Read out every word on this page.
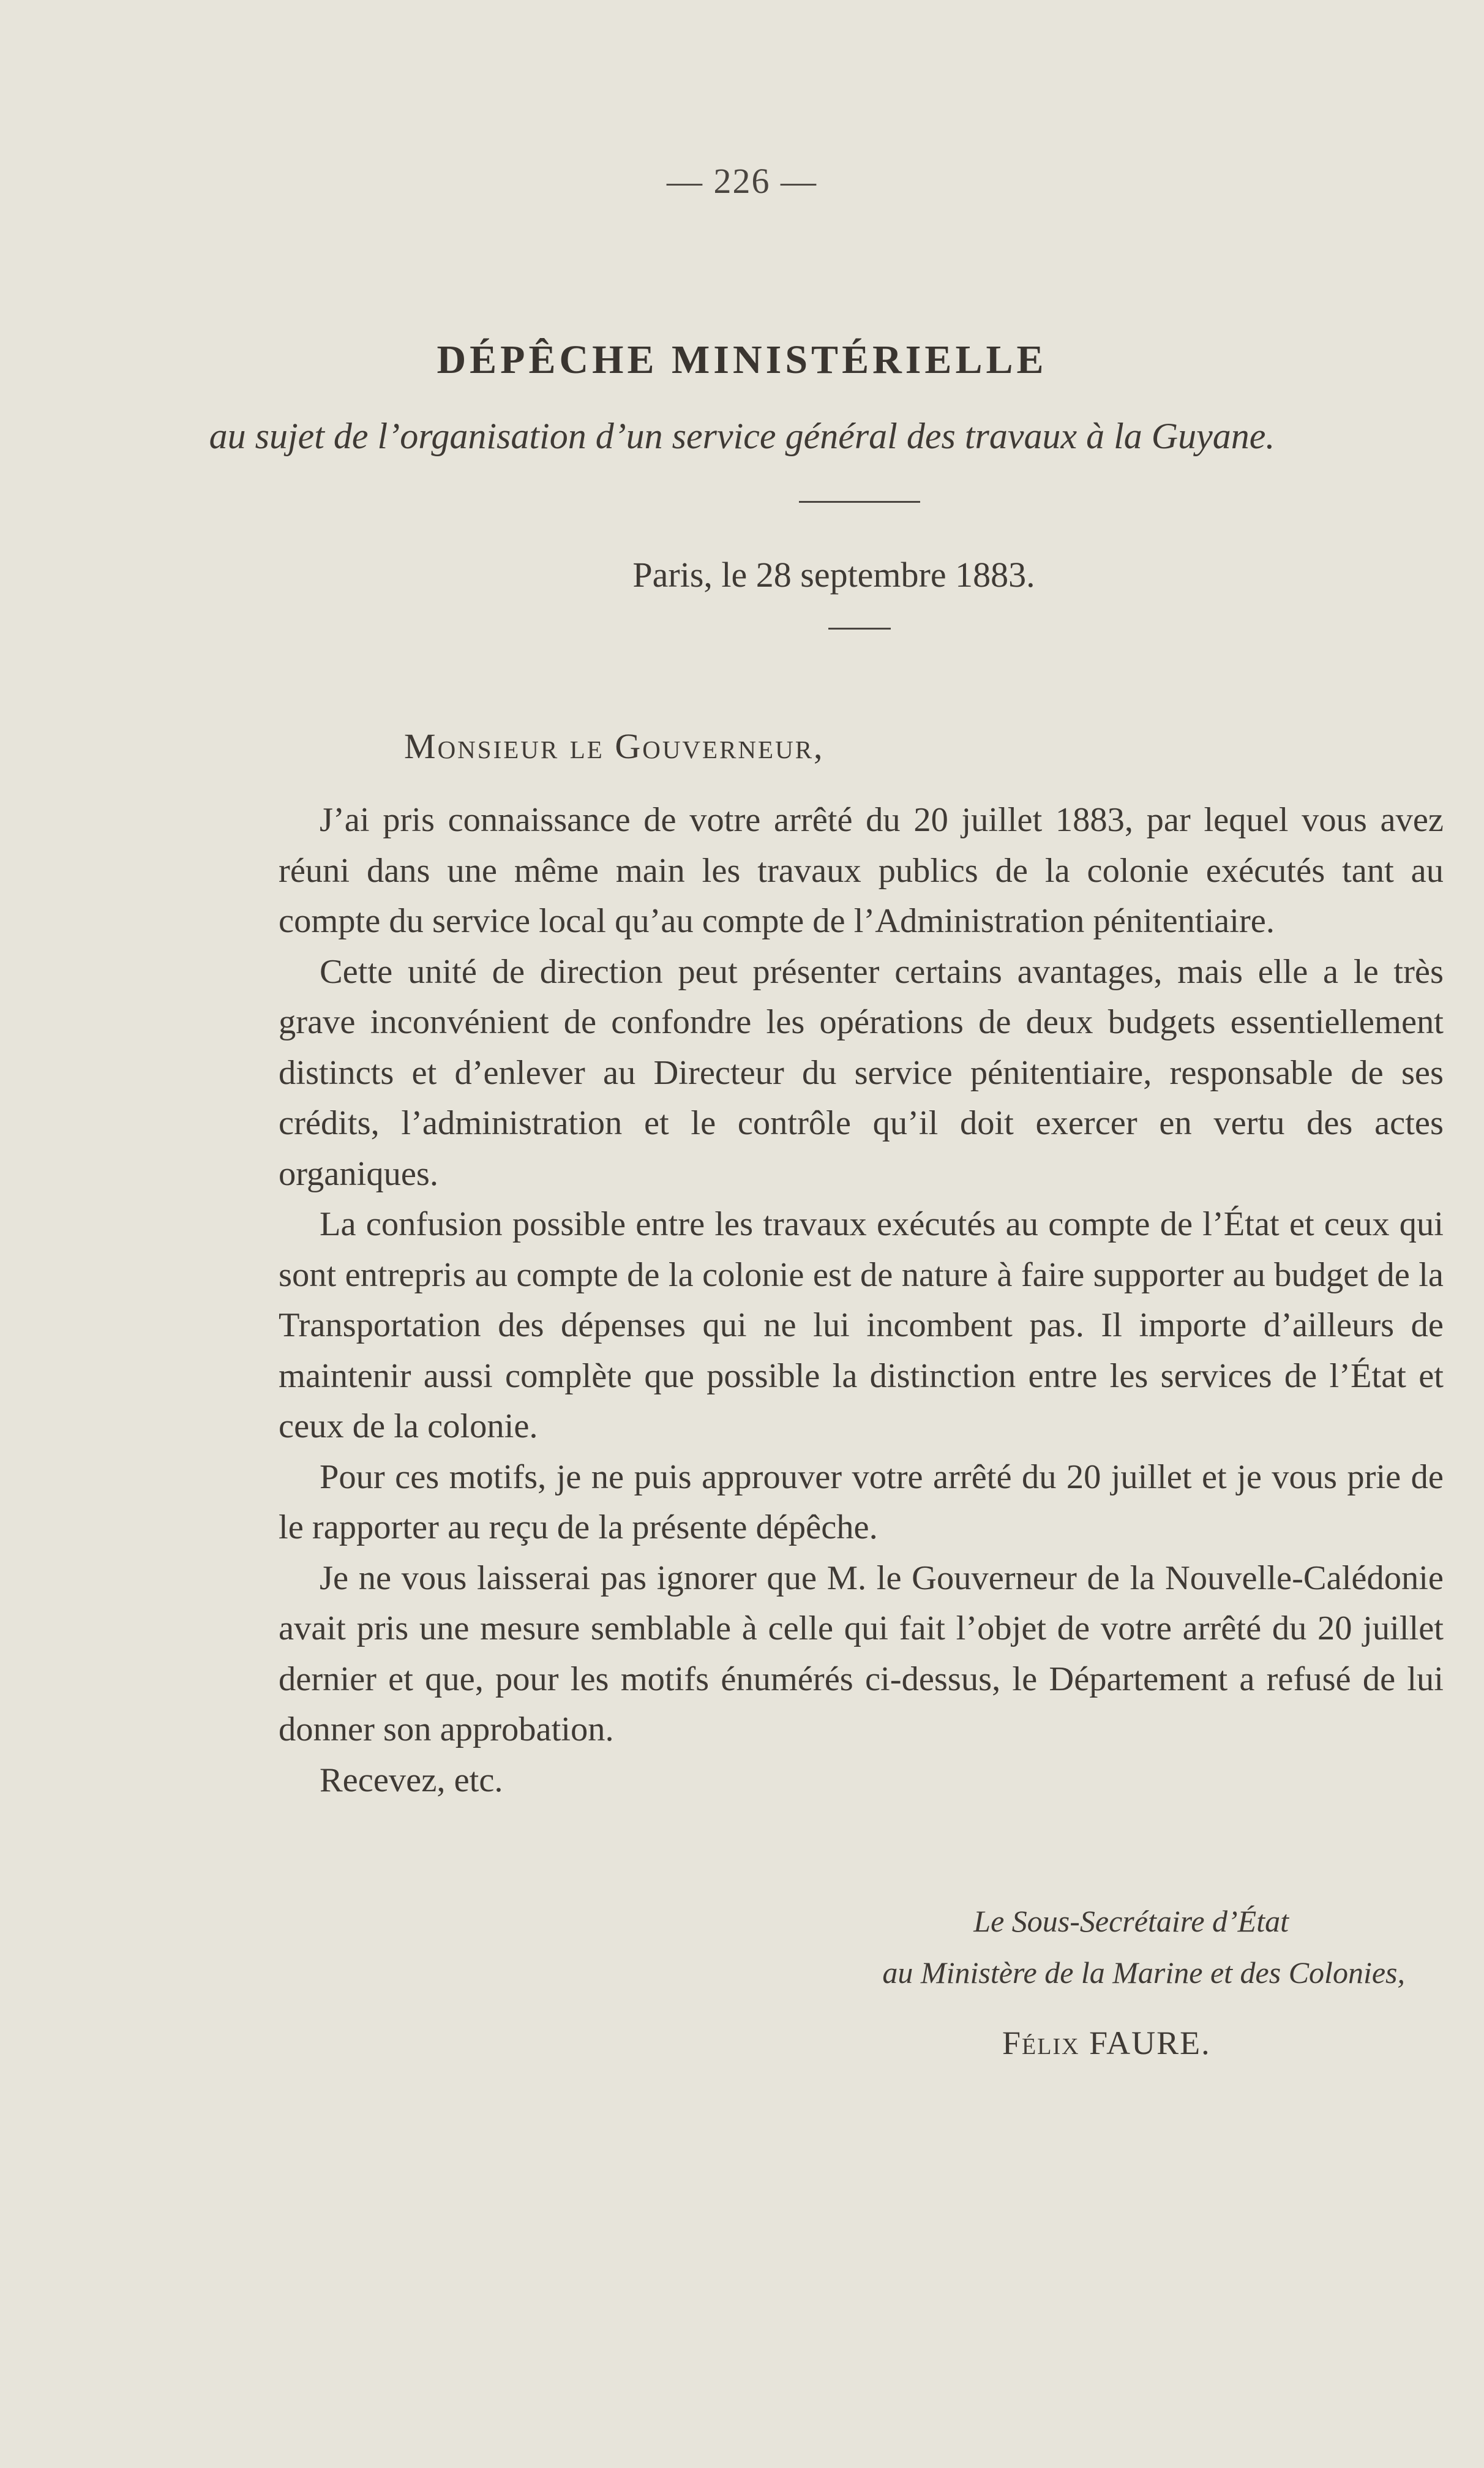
— 226 —
DÉPÊCHE MINISTÉRIELLE
au sujet de l’organisation d’un service général des travaux à la Guyane.
Paris, le 28 septembre 1883.
Monsieur le Gouverneur,

J’ai pris connaissance de votre arrêté du 20 juillet 1883, par lequel vous avez réuni dans une même main les travaux publics de la colonie exécutés tant au compte du service local qu’au compte de l’Administration pénitentiaire.

Cette unité de direction peut présenter certains avantages, mais elle a le très grave inconvénient de confondre les opérations de deux budgets essentiellement distincts et d’enlever au Directeur du service pénitentiaire, responsable de ses crédits, l’administration et le contrôle qu’il doit exercer en vertu des actes organiques.

La confusion possible entre les travaux exécutés au compte de l’État et ceux qui sont entrepris au compte de la colonie est de nature à faire supporter au budget de la Transportation des dépenses qui ne lui incombent pas. Il importe d’ailleurs de maintenir aussi complète que possible la distinction entre les services de l’État et ceux de la colonie.

Pour ces motifs, je ne puis approuver votre arrêté du 20 juillet et je vous prie de le rapporter au reçu de la présente dépêche.

Je ne vous laisserai pas ignorer que M. le Gouverneur de la Nouvelle-Calédonie avait pris une mesure semblable à celle qui fait l’objet de votre arrêté du 20 juillet dernier et que, pour les motifs énumérés ci-dessus, le Département a refusé de lui donner son approbation.

Recevez, etc.

Le Sous-Secrétaire d’État
au Ministère de la Marine et des Colonies,
Félix FAURE.
